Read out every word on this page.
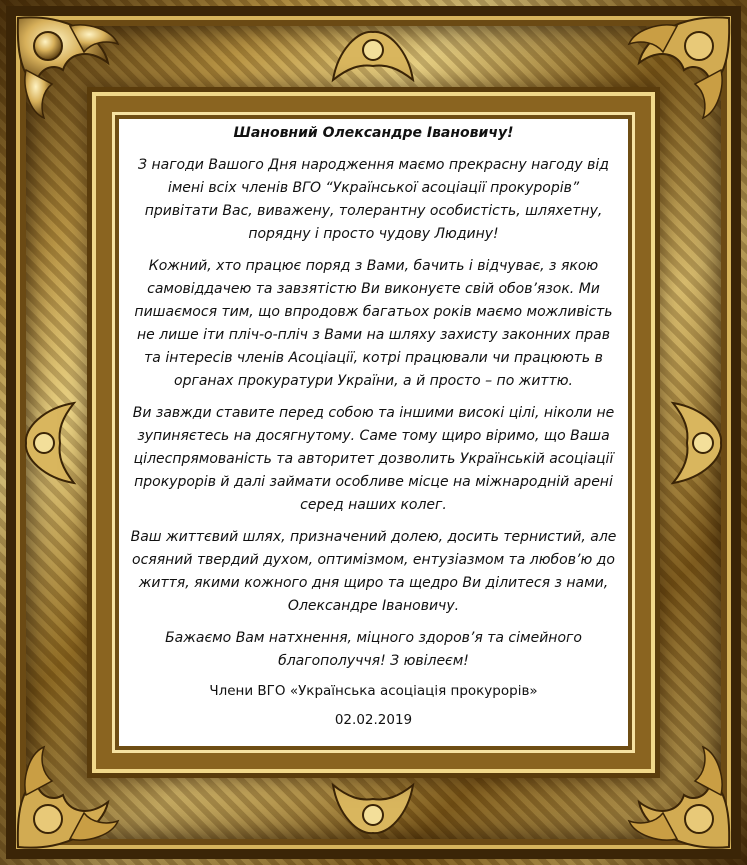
Шановний Олександре Івановичу!

З нагоди Вашого Дня народження маємо прекрасну нагоду від імені всіх членів ВГО “Української асоціації прокурорів” привітати Вас, виважену, толерантну особистість, шляхетну, порядну і просто чудову Людину!

Кожний, хто працює поряд з Вами, бачить і відчуває, з якою самовіддачею та завзятістю Ви виконуєте свій обов’язок. Ми пишаємося тим, що впродовж багатьох років маємо можливість не лише іти пліч-о-пліч з Вами на шляху захисту законних прав та інтересів членів Асоціації, котрі працювали чи працюють в органах прокуратури України, а й просто – по життю.

Ви завжди ставите перед собою та іншими високі цілі, ніколи не зупиняєтесь на досягнутому. Саме тому щиро віримо, що Ваша цілеспрямованість та авторитет дозволить Українській асоціації прокурорів й далі займати особливе місце на міжнародній арені серед наших колег.

Ваш життєвий шлях, призначений долею, досить тернистий, але осяяний твердий духом, оптимізмом, ентузіазмом та любов’ю до життя, якими кожного дня щиро та щедро Ви ділитеся з нами, Олександре Івановичу.

Бажаємо Вам натхнення, міцного здоров’я та сімейного благополуччя! З ювілеєм!

Члени ВГО «Українська асоціація прокурорів»

02.02.2019
